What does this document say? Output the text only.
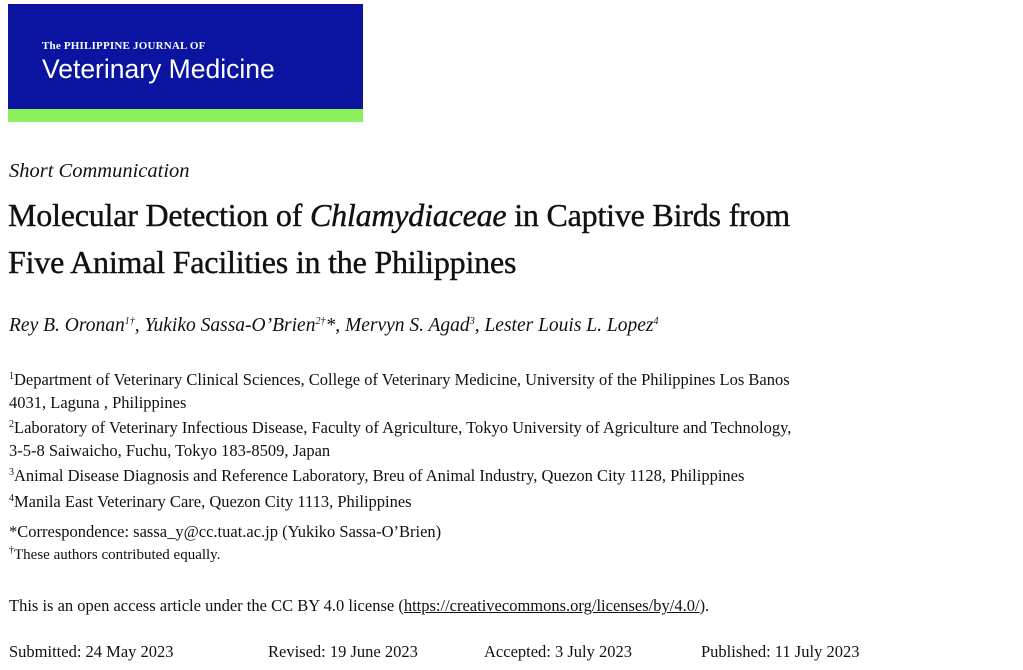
The PHILIPPINE JOURNAL OF
Veterinary Medicine
Short Communication
Molecular Detection of Chlamydiaceae in Captive Birds from
Five Animal Facilities in the Philippines
Rey B. Oronan$^{1\dagger}$, Yukiko Sassa-O’Brien$^{2\dagger}$*, Mervyn S. Agad$^3$, Lester Louis L. Lopez$^4$
$^1$Department of Veterinary Clinical Sciences, College of Veterinary Medicine, University of the Philippines Los Banos
4031, Laguna , Philippines
$^2$Laboratory of Veterinary Infectious Disease, Faculty of Agriculture, Tokyo University of Agriculture and Technology,
3-5-8 Saiwaicho, Fuchu, Tokyo 183-8509, Japan
$^3$Animal Disease Diagnosis and Reference Laboratory, Breu of Animal Industry, Quezon City 1128, Philippines
$^4$Manila East Veterinary Care, Quezon City 1113, Philippines
*Correspondence: sassa_y@cc.tuat.ac.jp (Yukiko Sassa-O’Brien)
†These authors contributed equally.
This is an open access article under the CC BY 4.0 license (https://creativecommons.org/licenses/by/4.0/).
Submitted: 24 May 2023	Revised: 19 June 2023	Accepted: 3 July 2023	Published: 11 July 2023
